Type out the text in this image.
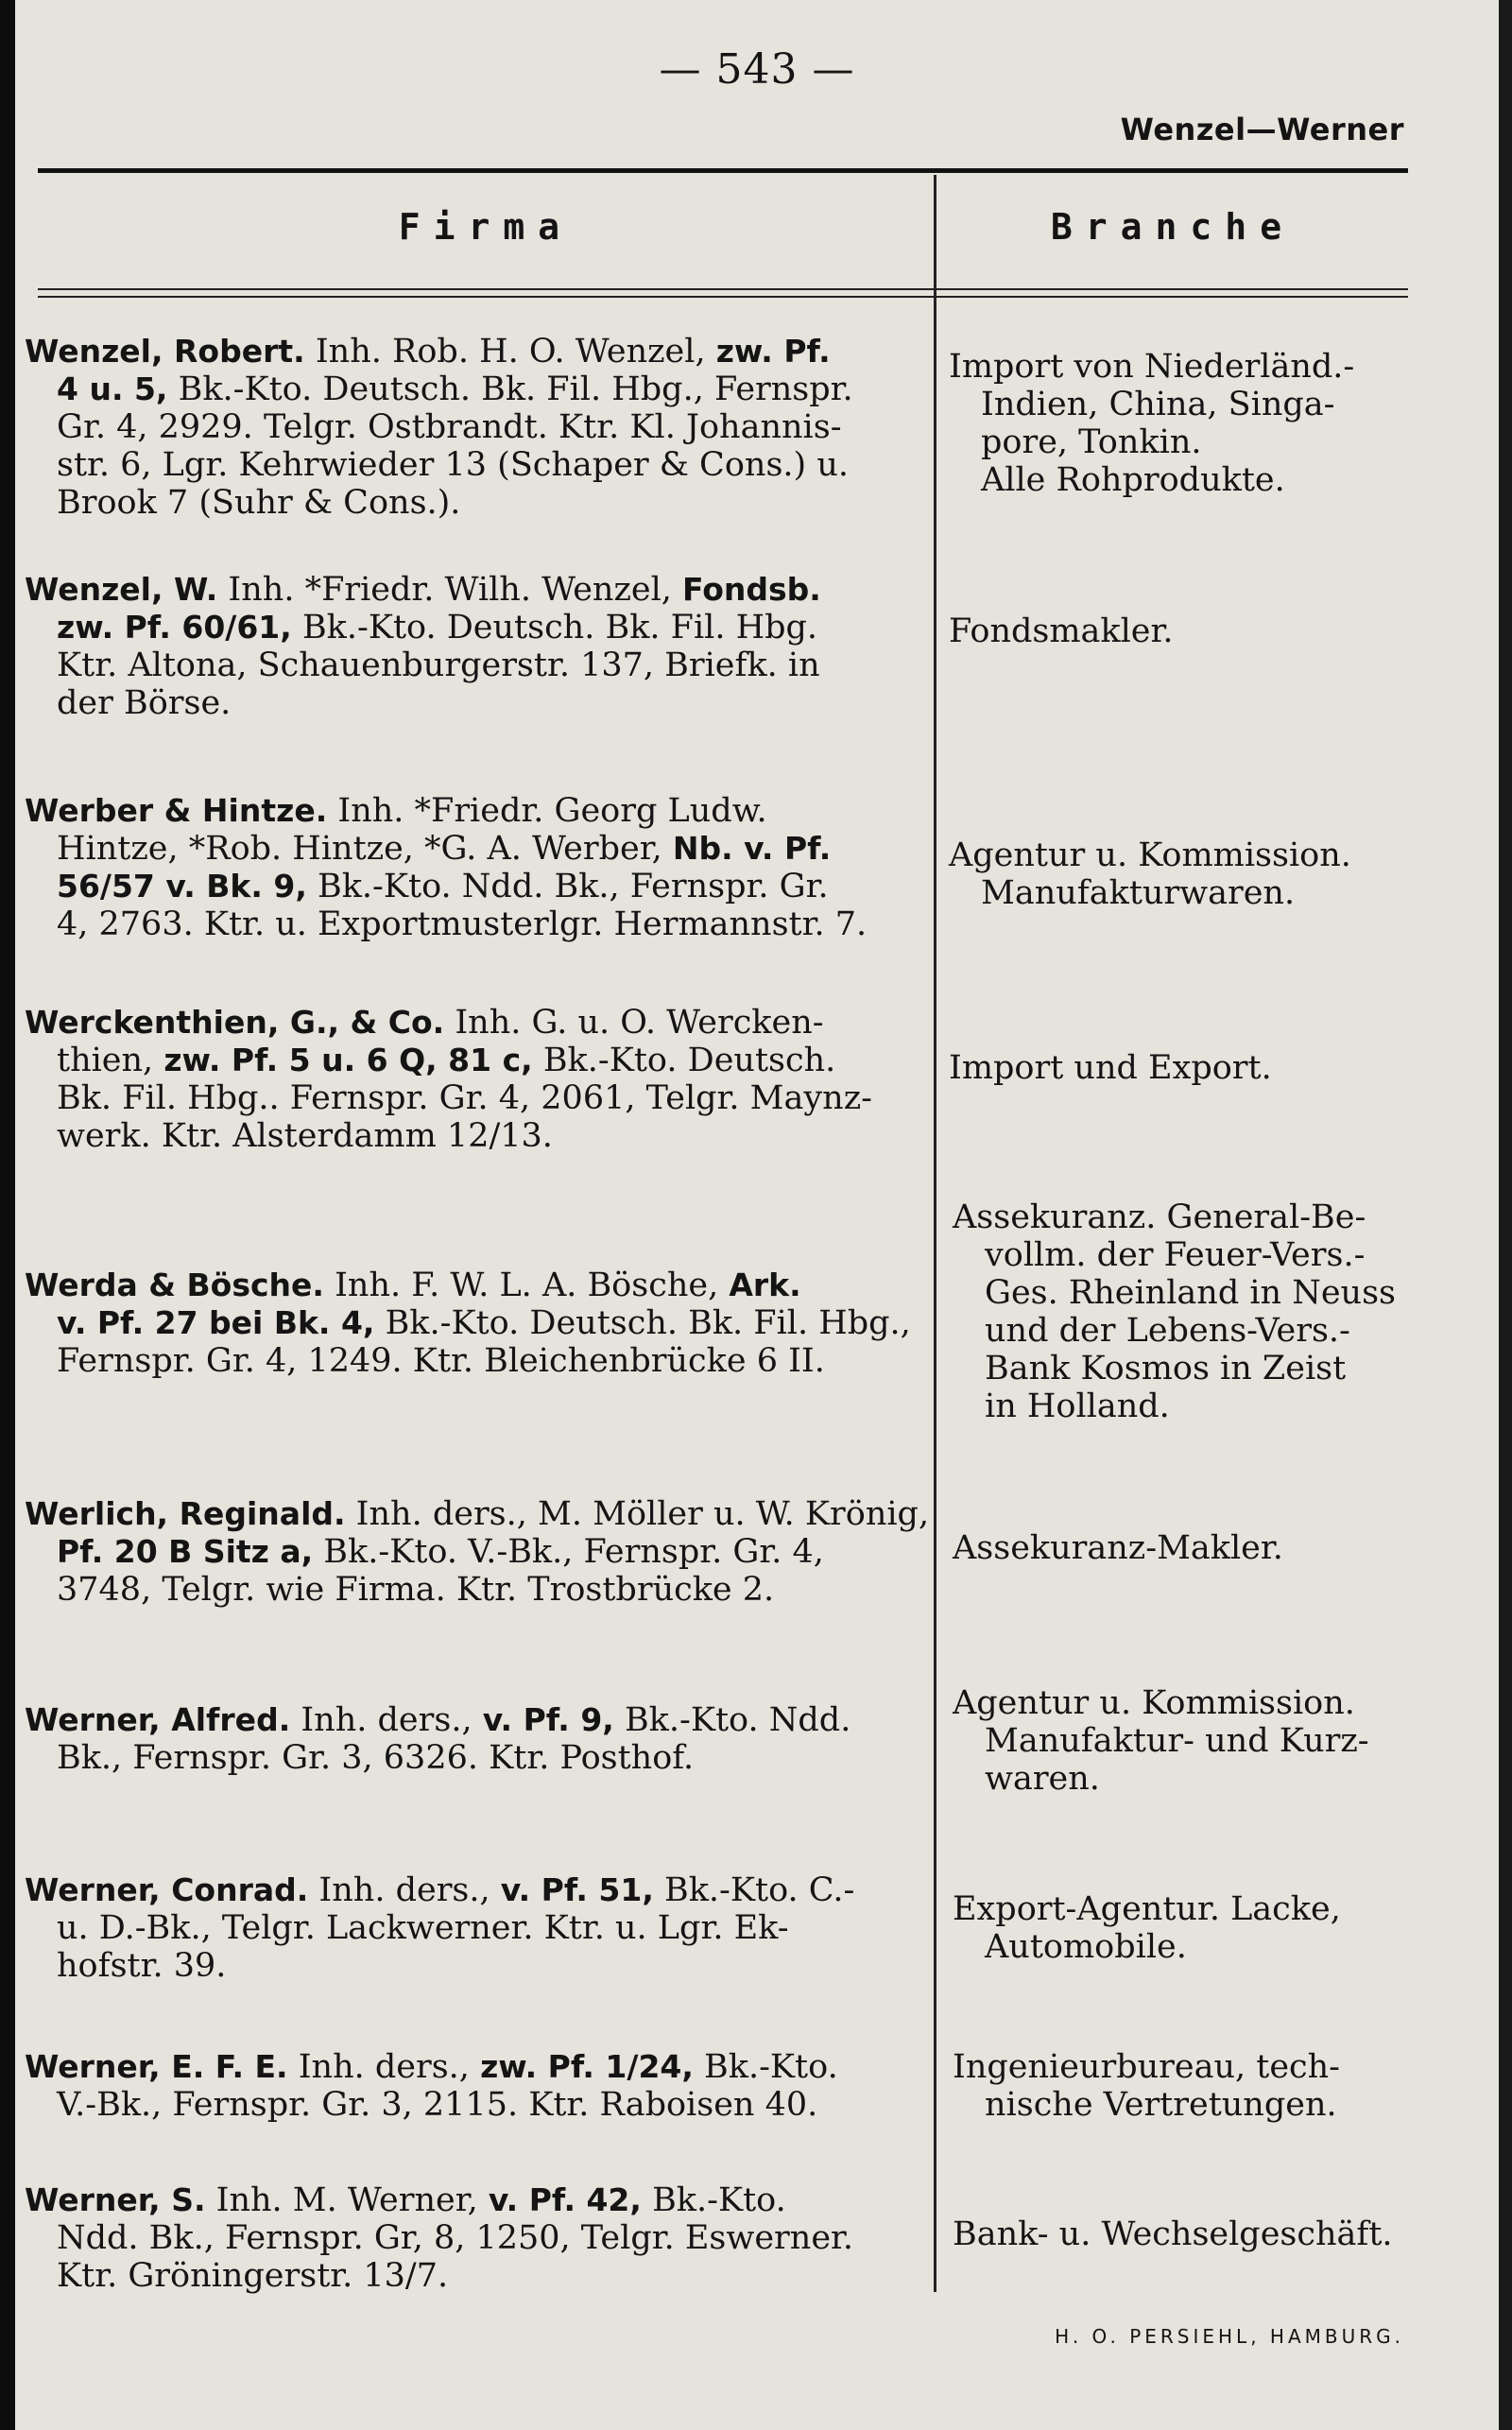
— 543 —
Wenzel—Werner
Firma	Branche
Wenzel, Robert. Inh. Rob. H. O. Wenzel, zw. Pf.
4 u. 5, Bk.-Kto. Deutsch. Bk. Fil. Hbg., Fernspr.
Gr. 4, 2929. Telgr. Ostbrandt. Ktr. Kl. Johannis-
str. 6, Lgr. Kehrwieder 13 (Schaper & Cons.) u.
Brook 7 (Suhr & Cons.).
Import von Niederländ.-
Indien, China, Singa-
pore, Tonkin.
Alle Rohprodukte.
Wenzel, W. Inh. *Friedr. Wilh. Wenzel, Fondsb.
zw. Pf. 60/61, Bk.-Kto. Deutsch. Bk. Fil. Hbg.
Ktr. Altona, Schauenburgerstr. 137, Briefk. in
der Börse.
Fondsmakler.
Werber & Hintze. Inh. *Friedr. Georg Ludw.
Hintze, *Rob. Hintze, *G. A. Werber, Nb. v. Pf.
56/57 v. Bk. 9, Bk.-Kto. Ndd. Bk., Fernspr. Gr.
4, 2763. Ktr. u. Exportmusterlgr. Hermannstr. 7.
Agentur u. Kommission.
Manufakturwaren.
Werckenthien, G., & Co. Inh. G. u. O. Wercken-
thien, zw. Pf. 5 u. 6 Q, 81 c, Bk.-Kto. Deutsch.
Bk. Fil. Hbg.. Fernspr. Gr. 4, 2061, Telgr. Maynz-
werk. Ktr. Alsterdamm 12/13.
Import und Export.
Werda & Bösche. Inh. F. W. L. A. Bösche, Ark.
v. Pf. 27 bei Bk. 4, Bk.-Kto. Deutsch. Bk. Fil. Hbg.,
Fernspr. Gr. 4, 1249. Ktr. Bleichenbrücke 6 II.
Assekuranz. General-Be-
vollm. der Feuer-Vers.-
Ges. Rheinland in Neuss
und der Lebens-Vers.-
Bank Kosmos in Zeist
in Holland.
Werlich, Reginald. Inh. ders., M. Möller u. W. Krönig,
Pf. 20 B Sitz a, Bk.-Kto. V.-Bk., Fernspr. Gr. 4,
3748, Telgr. wie Firma. Ktr. Trostbrücke 2.
Assekuranz-Makler.
Werner, Alfred. Inh. ders., v. Pf. 9, Bk.-Kto. Ndd.
Bk., Fernspr. Gr. 3, 6326. Ktr. Posthof.
Agentur u. Kommission.
Manufaktur- und Kurz-
waren.
Werner, Conrad. Inh. ders., v. Pf. 51, Bk.-Kto. C.-
u. D.-Bk., Telgr. Lackwerner. Ktr. u. Lgr. Ek-
hofstr. 39.
Export-Agentur. Lacke,
Automobile.
Werner, E. F. E. Inh. ders., zw. Pf. 1/24, Bk.-Kto.
V.-Bk., Fernspr. Gr. 3, 2115. Ktr. Raboisen 40.
Ingenieurbureau, tech-
nische Vertretungen.
Werner, S. Inh. M. Werner, v. Pf. 42, Bk.-Kto.
Ndd. Bk., Fernspr. Gr, 8, 1250, Telgr. Eswerner.
Ktr. Gröningerstr. 13/7.
Bank- u. Wechselgeschäft.
H. O. PERSIEHL, HAMBURG.
